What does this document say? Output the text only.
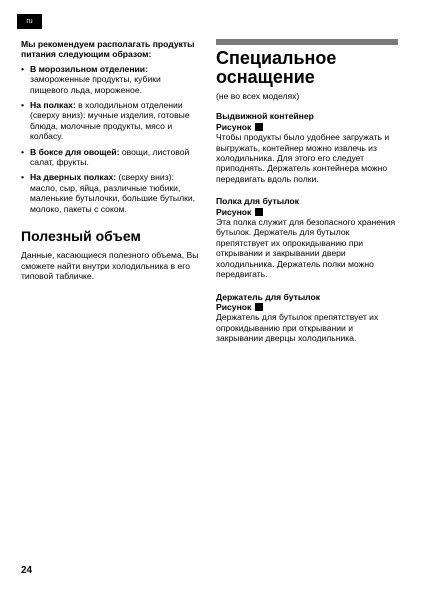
ru

Мы рекомендуем располагать продукты питания следующим образом:

• В морозильном отделении: замороженные продукты, кубики пищевого льда, мороженое.
• На полках: в холодильном отделении (сверху вниз): мучные изделия, готовые блюда, молочные продукты, мясо и колбасу.
• В боксе для овощей: овощи, листовой салат, фрукты.
• На дверных полках: (сверху вниз): масло, сыр, яйца, различные тюбики, маленькие бутылочки, большие бутылки, молоко, пакеты с соком.
Полезный объем

Данные, касающиеся полезного объема, Вы сможете найти внутри холодильника в его типовой табличке.

Специальное оснащение

(не во всех моделях)

Выдвижной контейнер

Рисунок

Чтобы продукты было удобнее загружать и выгружать, контейнер можно извлечь из холодильника. Для этого его следует приподнять. Держатель контейнера можно передвигать вдоль полки.

Полка для бутылок

Рисунок

Эта полка служит для безопасного хранения бутылок. Держатель для бутылок препятствует их опрокидыванию при открывании и закрывании двери холодильника. Держатель полки можно передвигать.

Держатель для бутылок

Рисунок

Держатель для бутылок препятствует их опрокидыванию при открывании и закрывании дверцы холодильника.

24
